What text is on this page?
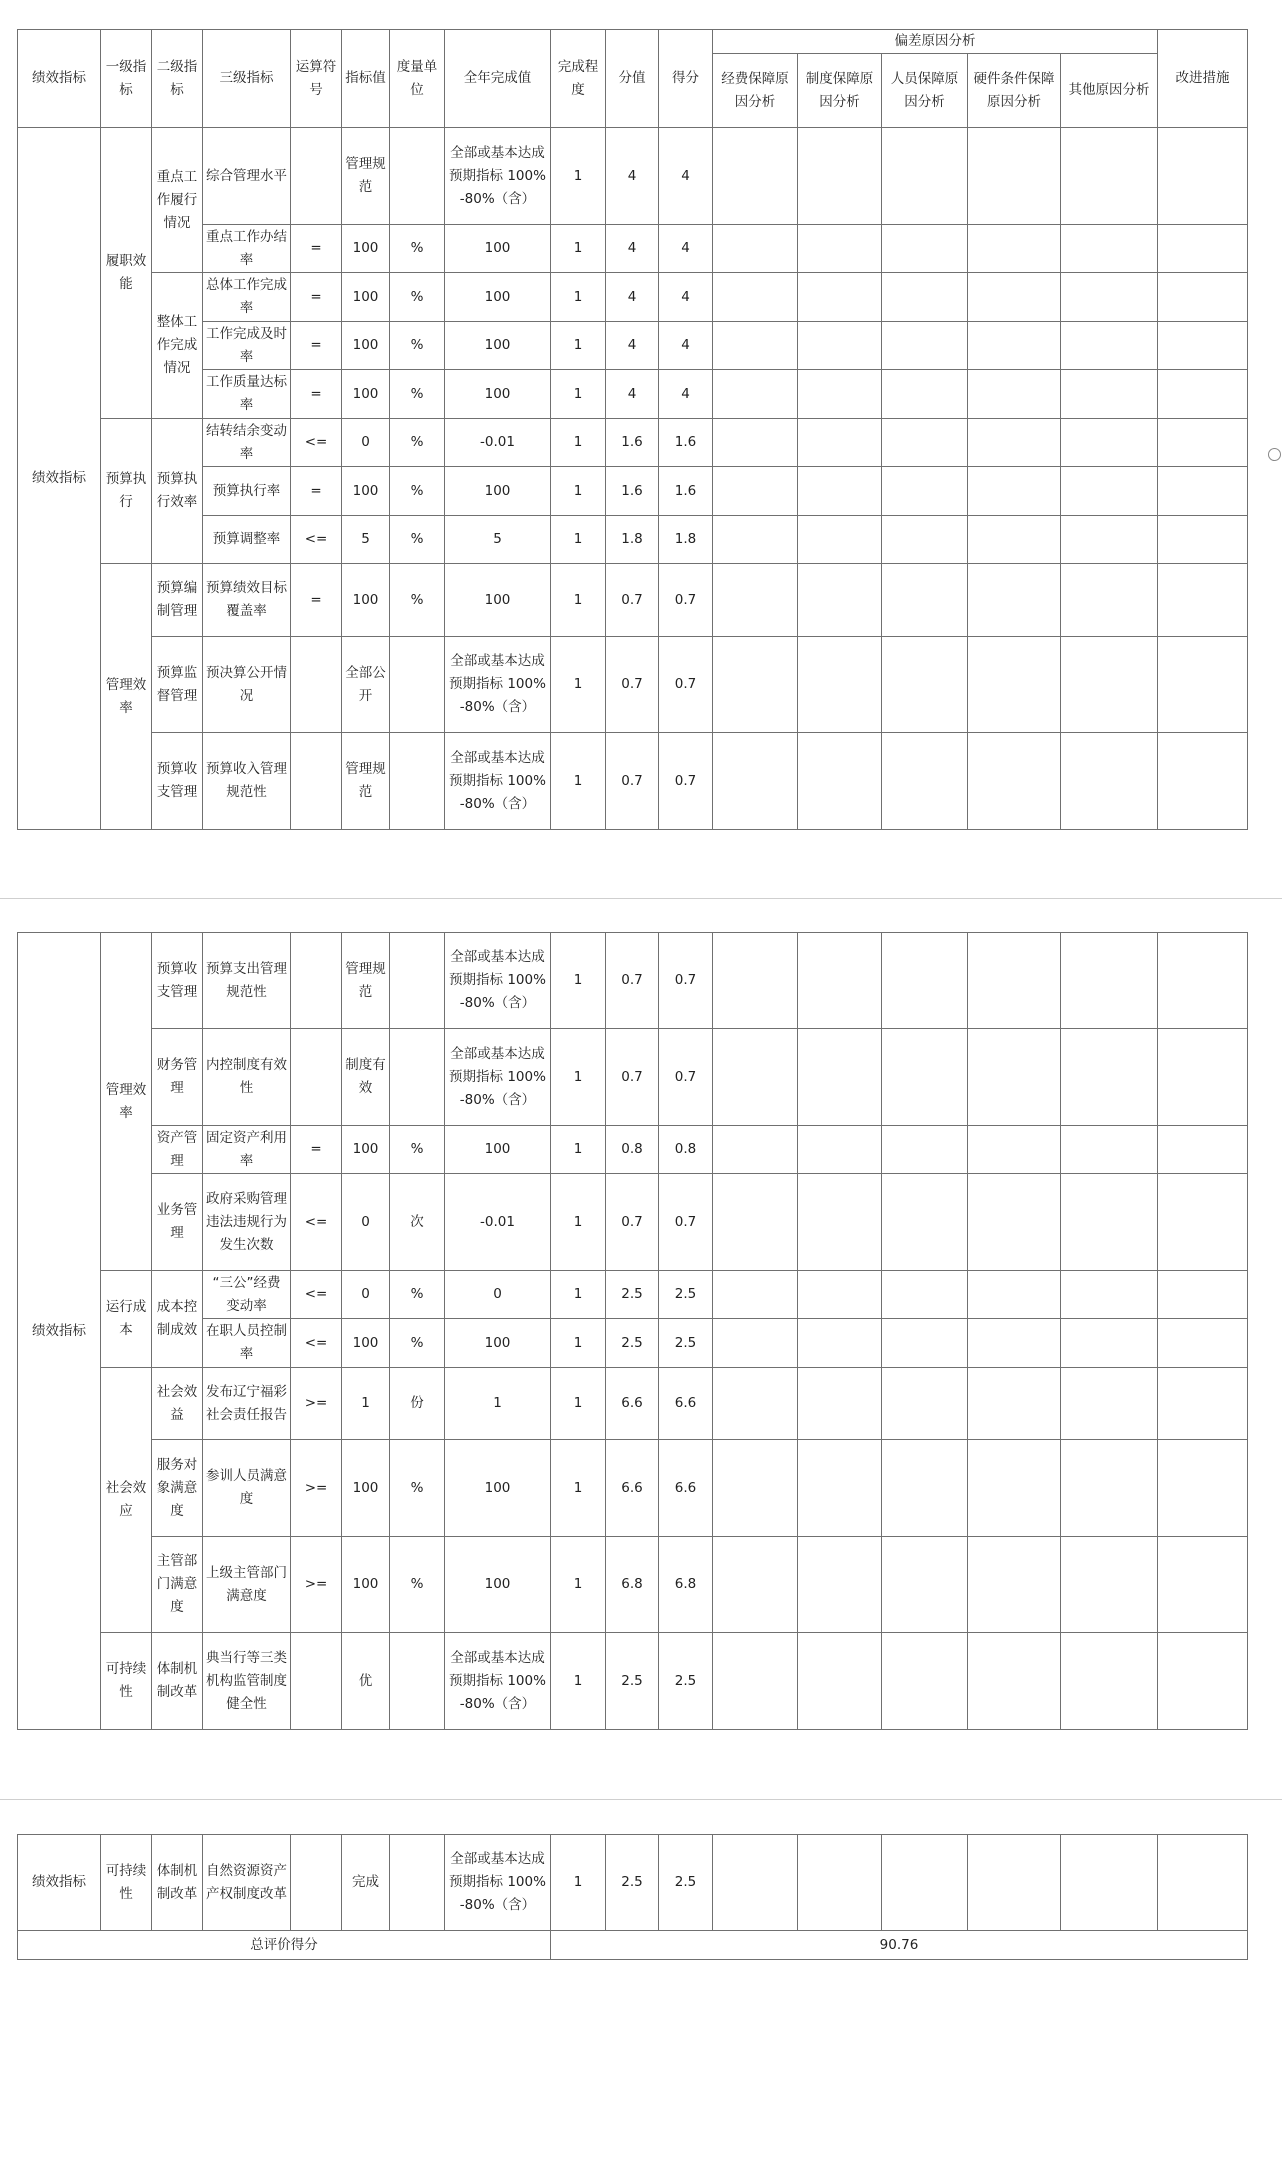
绩效指标	一级指标	二级指标	三级指标	运算符号	指标值	度量单位	全年完成值	完成程度	分值	得分	偏差原因分析					改进措施
											经费保障原因分析	制度保障原因分析	人员保障原因分析	硬件条件保障原因分析	其他原因分析	
绩效指标	履职效能	重点工作履行情况	综合管理水平		管理规范		全部或基本达成预期指标 100%-80%（含）	1	4	4						
			重点工作办结率	=	100	%	100	1	4	4						
		整体工作完成情况	总体工作完成率	=	100	%	100	1	4	4						
			工作完成及时率	=	100	%	100	1	4	4						
			工作质量达标率	=	100	%	100	1	4	4						
	预算执行	预算执行效率	结转结余变动率	<=	0	%	-0.01	1	1.6	1.6						
			预算执行率	=	100	%	100	1	1.6	1.6						
			预算调整率	<=	5	%	5	1	1.8	1.8						
	管理效率	预算编制管理	预算绩效目标覆盖率	=	100	%	100	1	0.7	0.7						
		预算监督管理	预决算公开情况		全部公开		全部或基本达成预期指标 100%-80%（含）	1	0.7	0.7						
		预算收支管理	预算收入管理规范性		管理规范		全部或基本达成预期指标 100%-80%（含）	1	0.7	0.7						
绩效指标	管理效率	预算收支管理	预算支出管理规范性		管理规范		全部或基本达成预期指标 100%-80%（含）	1	0.7	0.7						
		财务管理	内控制度有效性		制度有效		全部或基本达成预期指标 100%-80%（含）	1	0.7	0.7						
		资产管理	固定资产利用率	=	100	%	100	1	0.8	0.8						
		业务管理	政府采购管理违法违规行为发生次数	<=	0	次	-0.01	1	0.7	0.7						
	运行成本	成本控制成效	“三公”经费变动率	<=	0	%	0	1	2.5	2.5						
			在职人员控制率	<=	100	%	100	1	2.5	2.5						
	社会效应	社会效益	发布辽宁福彩社会责任报告	>=	1	份	1	1	6.6	6.6						
		服务对象满意度	参训人员满意度	>=	100	%	100	1	6.6	6.6						
		主管部门满意度	上级主管部门满意度	>=	100	%	100	1	6.8	6.8						
	可持续性	体制机制改革	典当行等三类机构监管制度健全性		优		全部或基本达成预期指标 100%-80%（含）	1	2.5	2.5						
绩效指标	可持续性	体制机制改革	自然资源资产产权制度改革		完成		全部或基本达成预期指标 100%-80%（含）	1	2.5	2.5						
总评价得分								90.76								
